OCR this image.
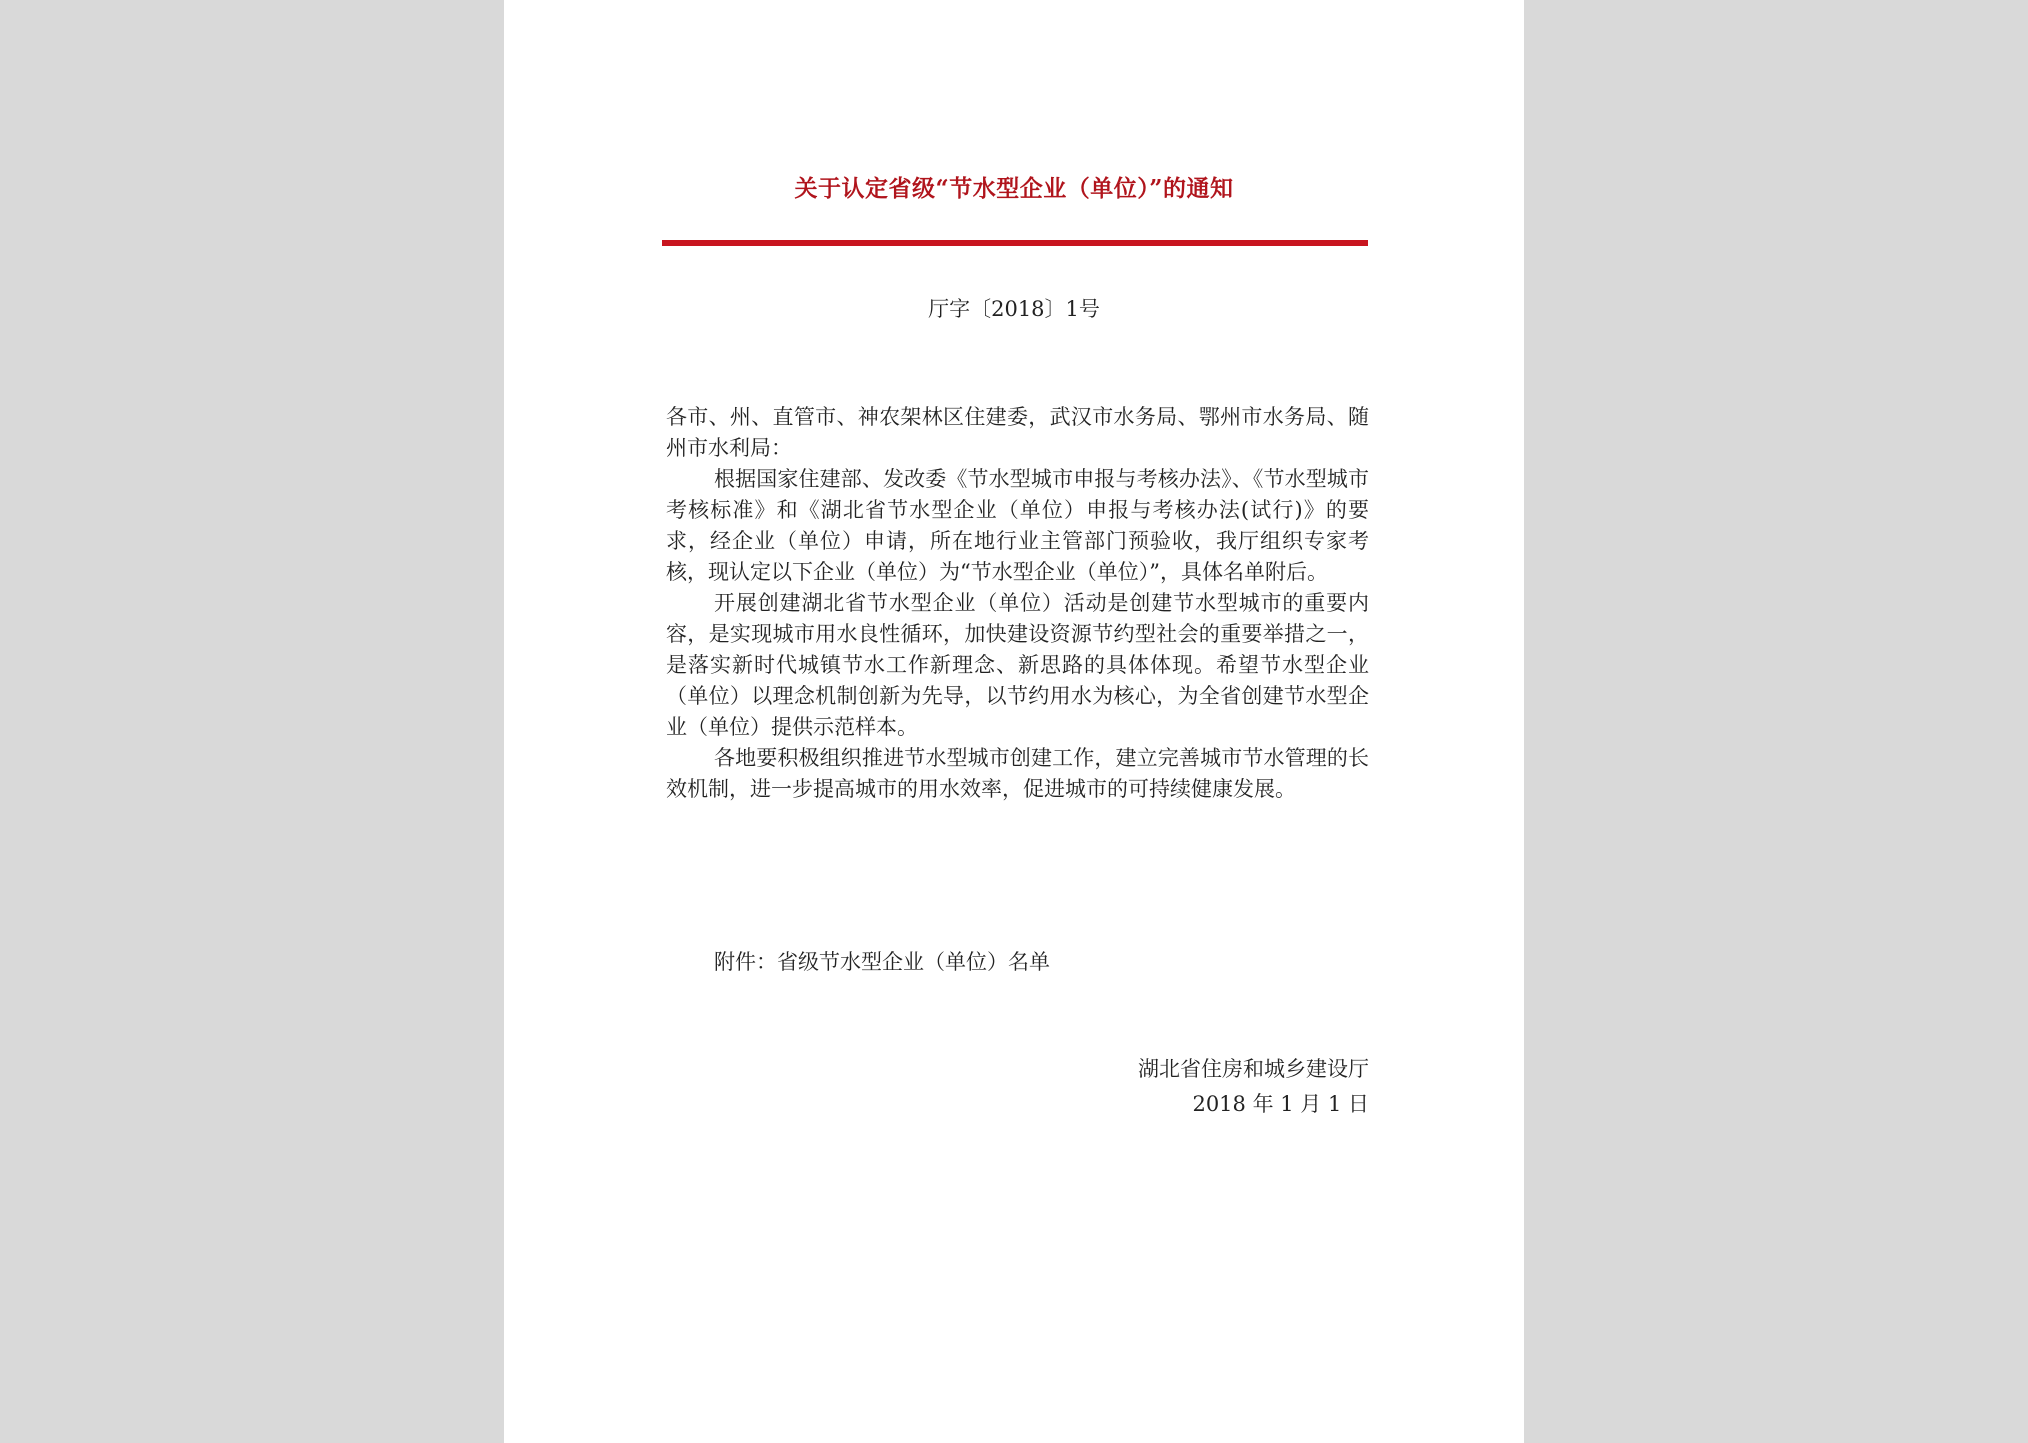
关于认定省级“节水型企业（单位）”的通知
厅字〔2018〕1号

各市、州、直管市、神农架林区住建委，武汉市水务局、鄂州市水务局、随州市水利局：

根据国家住建部、发改委《节水型城市申报与考核办法》、《节水型城市考核标准》和《湖北省节水型企业（单位）申报与考核办法(试行)》的要求，经企业（单位）申请，所在地行业主管部门预验收，我厅组织专家考核，现认定以下企业（单位）为“节水型企业（单位）”，具体名单附后。

开展创建湖北省节水型企业（单位）活动是创建节水型城市的重要内容，是实现城市用水良性循环，加快建设资源节约型社会的重要举措之一，是落实新时代城镇节水工作新理念、新思路的具体体现。希望节水型企业（单位）以理念机制创新为先导，以节约用水为核心，为全省创建节水型企业（单位）提供示范样本。

各地要积极组织推进节水型城市创建工作，建立完善城市节水管理的长效机制，进一步提高城市的用水效率，促进城市的可持续健康发展。

附件：省级节水型企业（单位）名单
湖北省住房和城乡建设厅
2018 年 1 月 1 日
